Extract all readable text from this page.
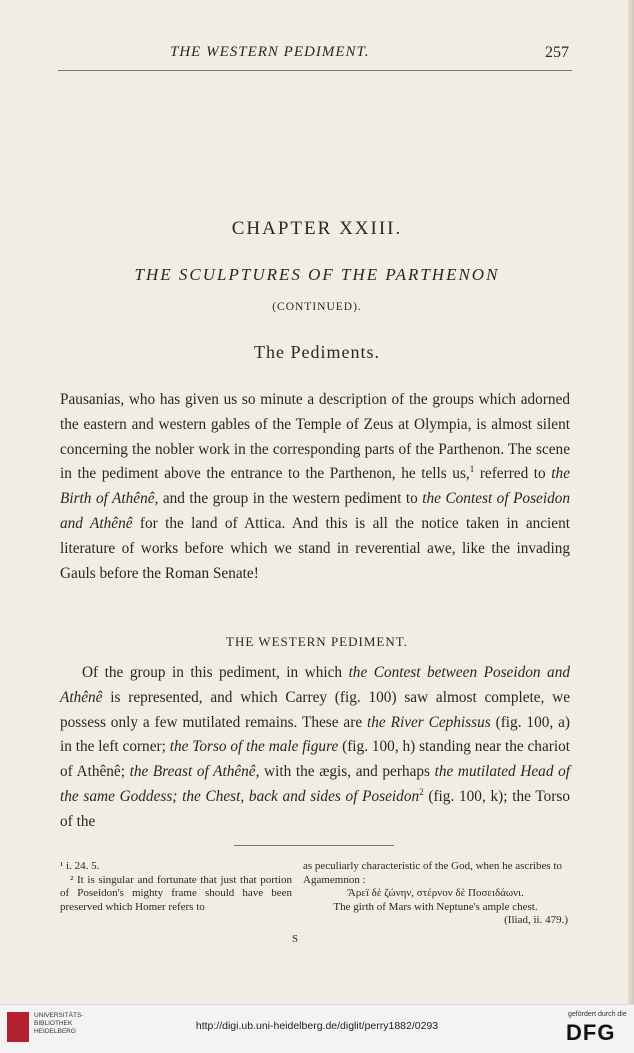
THE WESTERN PEDIMENT.	257
CHAPTER XXIII.
THE SCULPTURES OF THE PARTHENON
(CONTINUED).
The Pediments.
Pausanias, who has given us so minute a description of the groups which adorned the eastern and western gables of the Temple of Zeus at Olympia, is almost silent concerning the nobler work in the corresponding parts of the Parthenon. The scene in the pediment above the entrance to the Parthenon, he tells us,$^1$ referred to the Birth of Athênê, and the group in the western pediment to the Contest of Poseidon and Athênê for the land of Attica. And this is all the notice taken in ancient literature of works before which we stand in reverential awe, like the invading Gauls before the Roman Senate!
THE WESTERN PEDIMENT.
Of the group in this pediment, in which the Contest between Poseidon and Athênê is represented, and which Carrey (fig. 100) saw almost complete, we possess only a few mutilated remains. These are the River Cephissus (fig. 100, a) in the left corner; the Torso of the male figure (fig. 100, h) standing near the chariot of Athênê; the Breast of Athênê, with the ægis, and perhaps the mutilated Head of the same Goddess; the Chest, back and sides of Poseidon$^2$ (fig. 100, k); the Torso of the
¹ i. 24. 5.
² It is singular and fortunate that just that portion of Poseidon's mighty frame should have been preserved which Homer refers to
as peculiarly characteristic of the God, when he ascribes to Agamemnon :
Ἄρεϊ δὲ ζώνην, στέρνον δὲ Ποσειδάωνι.
The girth of Mars with Neptune's ample chest.
(Iliad, ii. 479.)
S
UNIVERSITÄTS-
BIBLIOTHEK
HEIDELBERG	http://digi.ub.uni-heidelberg.de/diglit/perry1882/0293
gefördert durch die
DFG
